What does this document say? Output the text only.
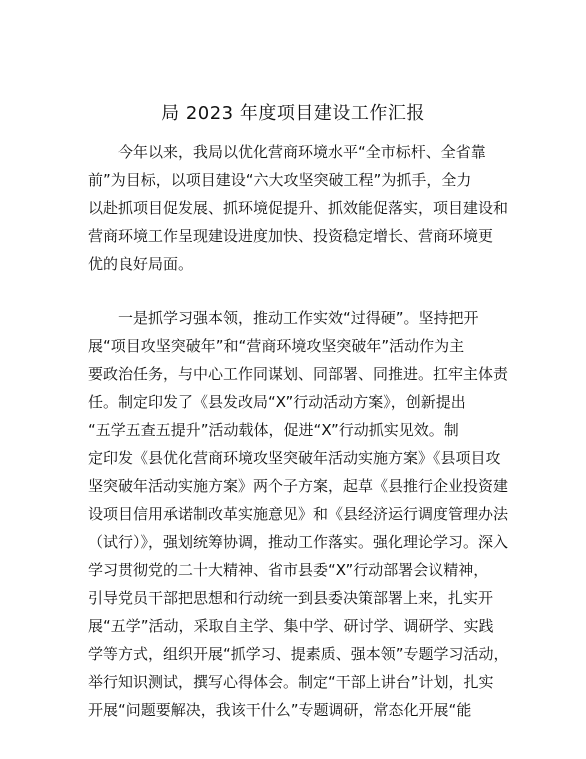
局 2023 年度项目建设工作汇报
今年以来，我局以优化营商环境水平“全市标杆、全省靠
前”为目标，以项目建设“六大攻坚突破工程”为抓手，全力
以赴抓项目促发展、抓环境促提升、抓效能促落实，项目建设和
营商环境工作呈现建设进度加快、投资稳定增长、营商环境更
优的良好局面。
一是抓学习强本领，推动工作实效“过得硬”。坚持把开
展“项目攻坚突破年”和“营商环境攻坚突破年”活动作为主
要政治任务，与中心工作同谋划、同部署、同推进。扛牢主体责
任。制定印发了《县发改局“X”行动活动方案》，创新提出
“五学五查五提升”活动载体，促进“X”行动抓实见效。制
定印发《县优化营商环境攻坚突破年活动实施方案》《县项目攻
坚突破年活动实施方案》两个子方案，起草《县推行企业投资建
设项目信用承诺制改革实施意见》和《县经济运行调度管理办法
（试行）》，强划统筹协调，推动工作落实。强化理论学习。深入
学习贯彻党的二十大精神、省市县委“X”行动部署会议精神，
引导党员干部把思想和行动统一到县委决策部署上来，扎实开
展“五学”活动，采取自主学、集中学、研讨学、调研学、实践
学等方式，组织开展“抓学习、提素质、强本领”专题学习活动，
举行知识测试，撰写心得体会。制定“干部上讲台”计划，扎实
开展“问题要解决，我该干什么”专题调研，常态化开展“能
